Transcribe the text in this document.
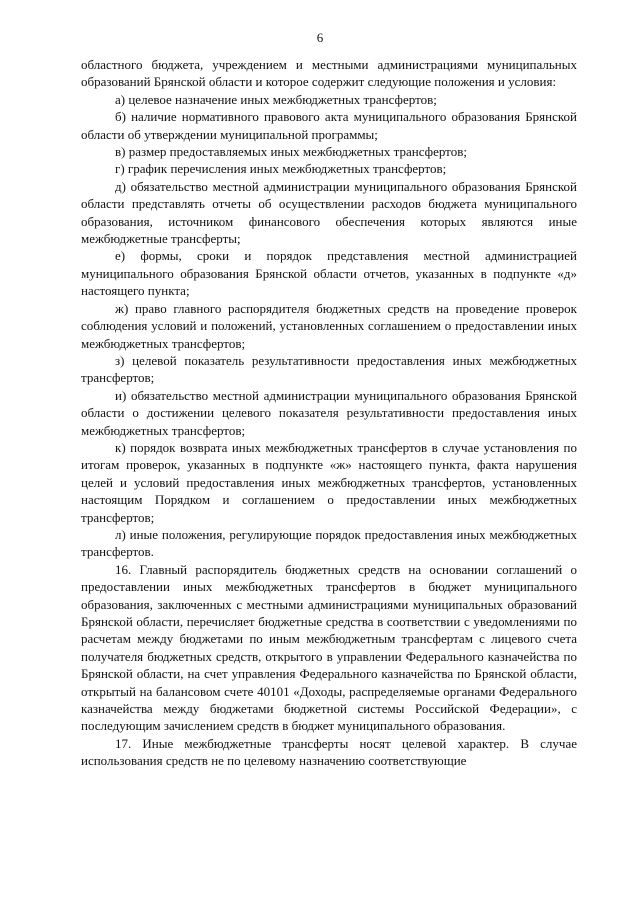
6

областного бюджета, учреждением и местными администрациями муниципальных образований Брянской области и которое содержит следующие положения и условия:

а) целевое назначение иных межбюджетных трансфертов;

б) наличие нормативного правового акта муниципального образования Брянской области об утверждении муниципальной программы;

в) размер предоставляемых иных межбюджетных трансфертов;

г) график перечисления иных межбюджетных трансфертов;

д) обязательство местной администрации муниципального образования Брянской области представлять отчеты об осуществлении расходов бюджета муниципального образования, источником финансового обеспечения которых являются иные межбюджетные трансферты;

е) формы, сроки и порядок представления местной администрацией муниципального образования Брянской области отчетов, указанных в подпункте «д» настоящего пункта;

ж) право главного распорядителя бюджетных средств на проведение проверок соблюдения условий и положений, установленных соглашением о предоставлении иных межбюджетных трансфертов;

з) целевой показатель результативности предоставления иных межбюджетных трансфертов;

и) обязательство местной администрации муниципального образования Брянской области о достижении целевого показателя результативности предоставления иных межбюджетных трансфертов;

к) порядок возврата иных межбюджетных трансфертов в случае установления по итогам проверок, указанных в подпункте «ж» настоящего пункта, факта нарушения целей и условий предоставления иных межбюджетных трансфертов, установленных настоящим Порядком и соглашением о предоставлении иных межбюджетных трансфертов;

л) иные положения, регулирующие порядок предоставления иных межбюджетных трансфертов.

16. Главный распорядитель бюджетных средств на основании соглашений о предоставлении иных межбюджетных трансфертов в бюджет муниципального образования, заключенных с местными администрациями муниципальных образований Брянской области, перечисляет бюджетные средства в соответствии с уведомлениями по расчетам между бюджетами по иным межбюджетным трансфертам с лицевого счета получателя бюджетных средств, открытого в управлении Федерального казначейства по Брянской области, на счет управления Федерального казначейства по Брянской области, открытый на балансовом счете 40101 «Доходы, распределяемые органами Федерального казначейства между бюджетами бюджетной системы Российской Федерации», с последующим зачислением средств в бюджет муниципального образования.

17. Иные межбюджетные трансферты носят целевой характер. В случае использования средств не по целевому назначению соответствующие
